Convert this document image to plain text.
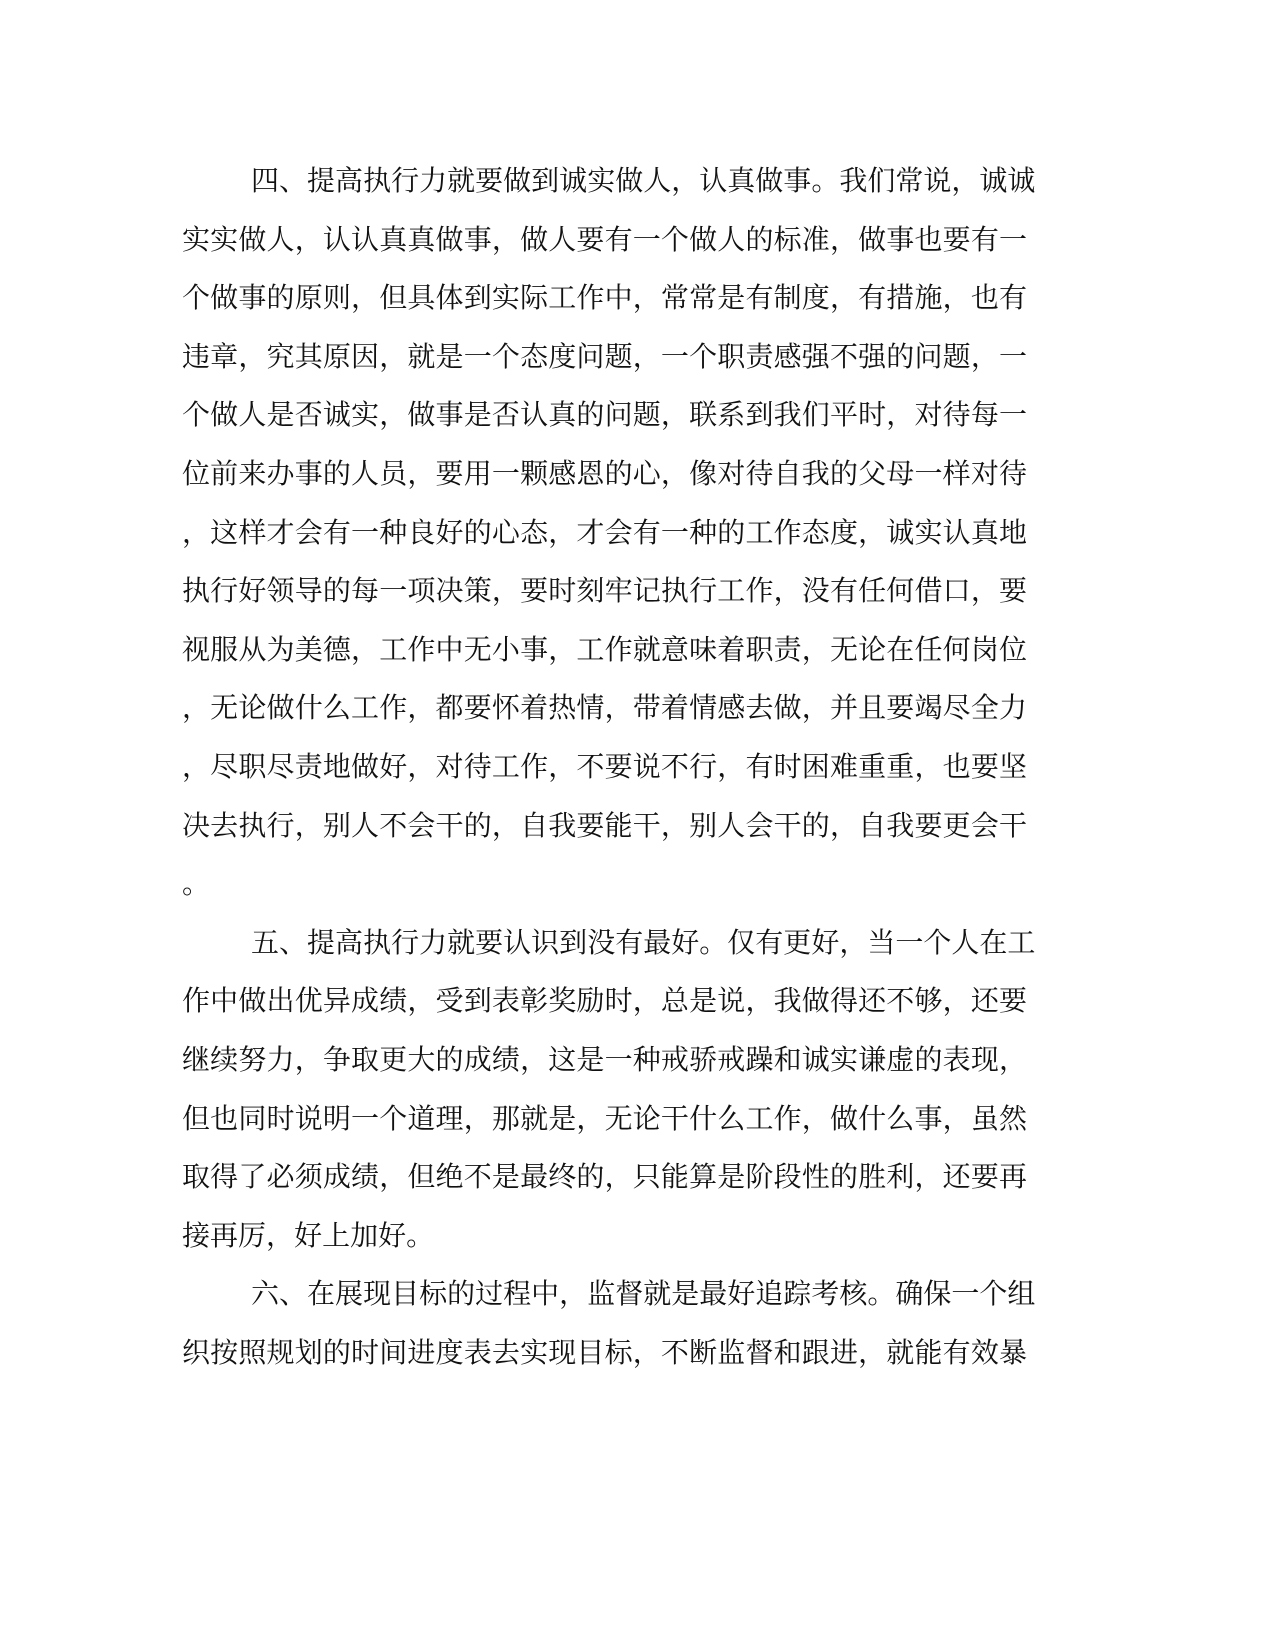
四 、 提 高 执 行 力 就 要 做 到 诚 实 做 人 ， 认 真 做 事 。 我 们 常 说 ， 诚 诚
实 实 做 人 ， 认 认 真 真 做 事 ， 做 人 要 有 一 个 做 人 的 标 准 ， 做 事 也 要 有 一
个 做 事 的 原 则 ， 但 具 体 到 实 际 工 作 中 ， 常 常 是 有 制 度 ， 有 措 施 ， 也 有
违 章 ， 究 其 原 因 ， 就 是 一 个 态 度 问 题 ， 一 个 职 责 感 强 不 强 的 问 题 ， 一
个 做 人 是 否 诚 实 ， 做 事 是 否 认 真 的 问 题 ， 联 系 到 我 们 平 时 ， 对 待 每 一
位 前 来 办 事 的 人 员 ， 要 用 一 颗 感 恩 的 心 ， 像 对 待 自 我 的 父 母 一 样 对 待
， 这 样 才 会 有 一 种 良 好 的 心 态 ， 才 会 有 一 种 的 工 作 态 度 ， 诚 实 认 真 地
执 行 好 领 导 的 每 一 项 决 策 ， 要 时 刻 牢 记 执 行 工 作 ， 没 有 任 何 借 口 ， 要
视 服 从 为 美 德 ， 工 作 中 无 小 事 ， 工 作 就 意 味 着 职 责 ， 无 论 在 任 何 岗 位
， 无 论 做 什 么 工 作 ， 都 要 怀 着 热 情 ， 带 着 情 感 去 做 ， 并 且 要 竭 尽 全 力
， 尽 职 尽 责 地 做 好 ， 对 待 工 作 ， 不 要 说 不 行 ， 有 时 困 难 重 重 ， 也 要 坚
决 去 执 行 ， 别 人 不 会 干 的 ， 自 我 要 能 干 ， 别 人 会 干 的 ， 自 我 要 更 会 干
。
五 、 提 高 执 行 力 就 要 认 识 到 没 有 最 好 。 仅 有 更 好 ， 当 一 个 人 在 工
作 中 做 出 优 异 成 绩 ， 受 到 表 彰 奖 励 时 ， 总 是 说 ， 我 做 得 还 不 够 ， 还 要
继 续 努 力 ， 争 取 更 大 的 成 绩 ， 这 是 一 种 戒 骄 戒 躁 和 诚 实 谦 虚 的 表 现 ，
但 也 同 时 说 明 一 个 道 理 ， 那 就 是 ， 无 论 干 什 么 工 作 ， 做 什 么 事 ， 虽 然
取 得 了 必 须 成 绩 ， 但 绝 不 是 最 终 的 ， 只 能 算 是 阶 段 性 的 胜 利 ， 还 要 再
接 再 厉 ， 好 上 加 好 。
六 、 在 展 现 目 标 的 过 程 中 ， 监 督 就 是 最 好 追 踪 考 核 。 确 保 一 个 组
织 按 照 规 划 的 时 间 进 度 表 去 实 现 目 标 ， 不 断 监 督 和 跟 进 ， 就 能 有 效 暴
